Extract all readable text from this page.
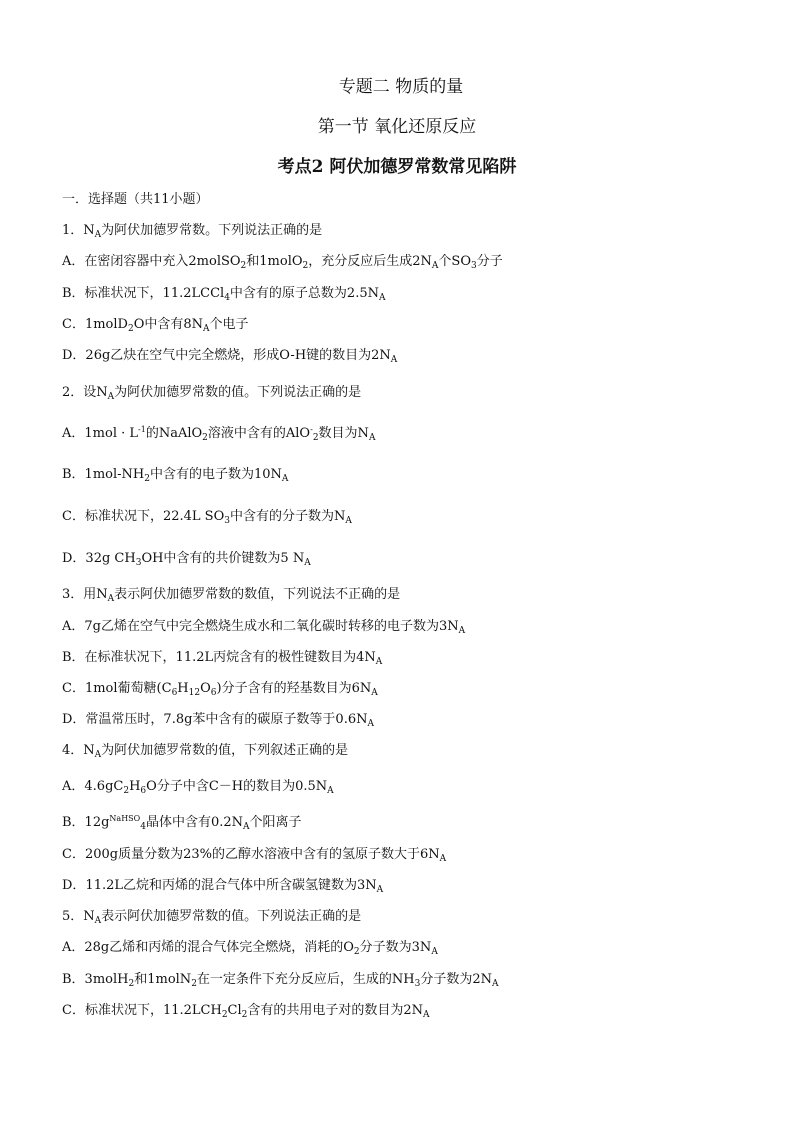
专题二 物质的量
第一节 氧化还原反应
考点2 阿伏加德罗常数常见陷阱
一．选择题（共11小题）
1．$N_A$为阿伏加德罗常数。下列说法正确的是
A．在密闭容器中充入2molSO$_2$和1molO$_2$，充分反应后生成$2N_A$个$SO_3$分子
B．标准状况下，11.2LCCl$_4$中含有的原子总数为$2.5N_A$
C．1molD$_2$O中含有$8N_A$个电子
D．26g乙炔在空气中完全燃烧，形成O-H键的数目为$2N_A$
2．设$N_A$为阿伏加德罗常数的值。下列说法正确的是
A．$1mol \cdot L^{-1}$的NaAlO$_2$溶液中含有的AlO-$_2$数目为$N_A$
B．$1mol-NH_2$中含有的电子数为$10N_A$
C．标准状况下，22.4L $SO_3$中含有的分子数为$N_A$
D．32g $CH_3OH$中含有的共价键数为5 $N_A$
3．用$N_A$表示阿伏加德罗常数的数值，下列说法不正确的是
A．7g乙烯在空气中完全燃烧生成水和二氧化碳时转移的电子数为$3N_A$
B．在标准状况下，11.2L丙烷含有的极性键数目为$4N_A$
C．1mol葡萄糖$(C_6H_{12}O_6)$分子含有的羟基数目为$6N_A$
D．常温常压时，7.8g苯中含有的碳原子数等于$0.6N_A$
4．$N_A$为阿伏加德罗常数的值，下列叙述正确的是
A．$4.6gC_2H_6O$分子中含C－H的数目为$0.5N_A$
B．$12g^{NaHSO}_4$晶体中含有$0.2N_A$个阳离子
C．200g质量分数为23%的乙醇水溶液中含有的氢原子数大于$6N_A$
D．11.2L乙烷和丙烯的混合气体中所含碳氢键数为$3N_A$
5．$N_A$表示阿伏加德罗常数的值。下列说法正确的是
A．28g乙烯和丙烯的混合气体完全燃烧，消耗的$O_2$分子数为$3N_A$
B．3molH$_2$和1molN$_2$在一定条件下充分反应后，生成的$NH_3$分子数为$2N_A$
C．标准状况下，$11.2LCH_2Cl_2$含有的共用电子对的数目为$2N_A$
